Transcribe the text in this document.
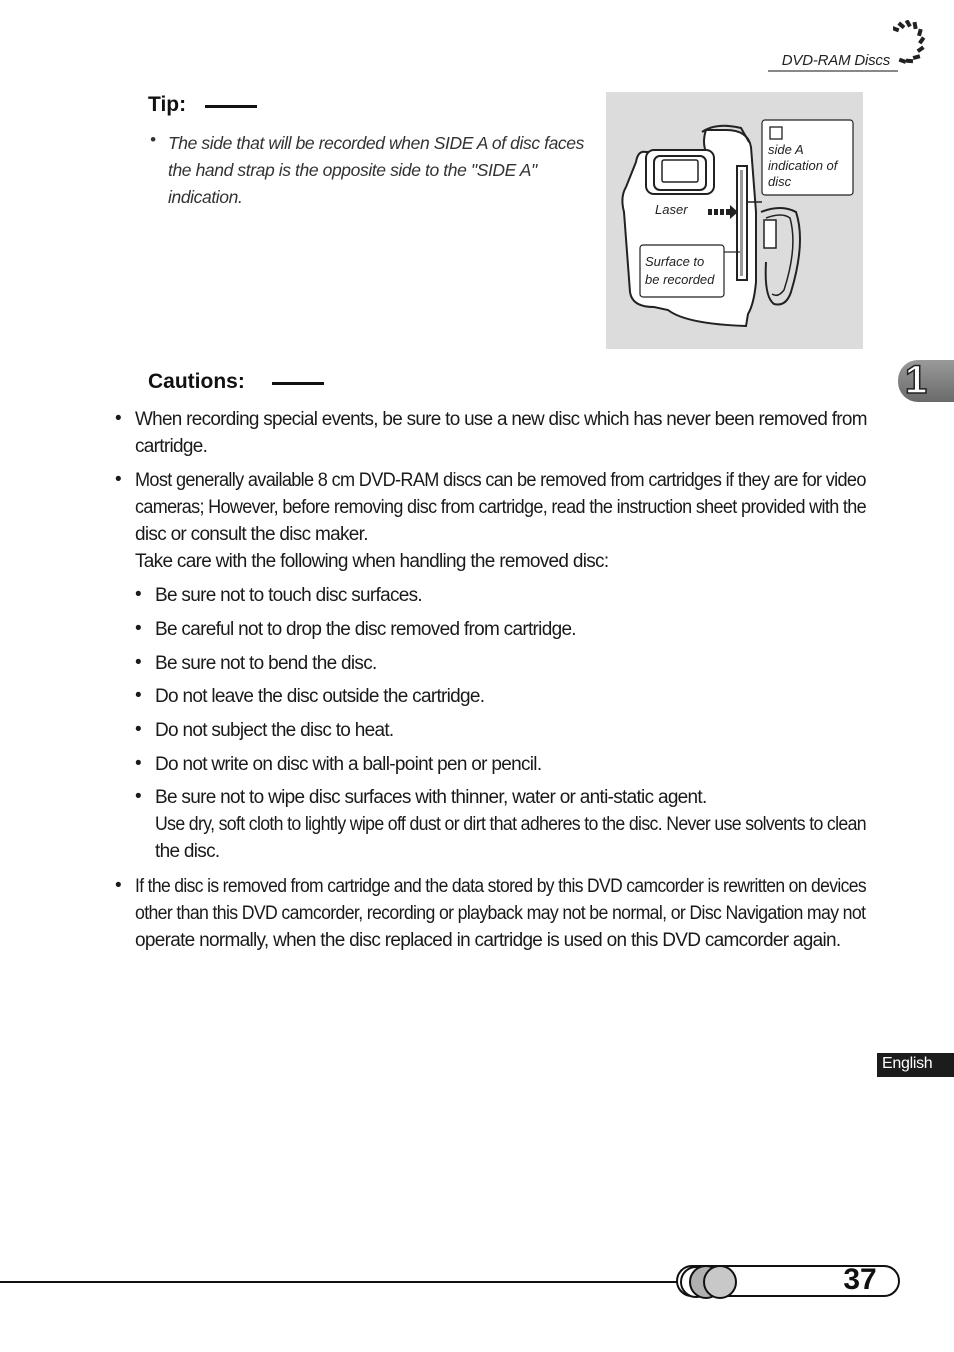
DVD-RAM Discs
Tip:
• The side that will be recorded when SIDE A of disc faces the hand strap is the opposite side to the "SIDE A" indication.
side A
indication of
disc
Laser
Surface to
be recorded
Cautions:
• When recording special events, be sure to use a new disc which has never been removed from
cartridge.
• Most generally available 8 cm DVD-RAM discs can be removed from cartridges if they are for video
cameras; However, before removing disc from cartridge, read the instruction sheet provided with the
disc or consult the disc maker.
Take care with the following when handling the removed disc:
• Be sure not to touch disc surfaces.
• Be careful not to drop the disc removed from cartridge.
• Be sure not to bend the disc.
• Do not leave the disc outside the cartridge.
• Do not subject the disc to heat.
• Do not write on disc with a ball-point pen or pencil.
• Be sure not to wipe disc surfaces with thinner, water or anti-static agent.
Use dry, soft cloth to lightly wipe off dust or dirt that adheres to the disc. Never use solvents to clean
the disc.
• If the disc is removed from cartridge and the data stored by this DVD camcorder is rewritten on devices
other than this DVD camcorder, recording or playback may not be normal, or Disc Navigation may not
operate normally, when the disc replaced in cartridge is used on this DVD camcorder again.
1
English
37
